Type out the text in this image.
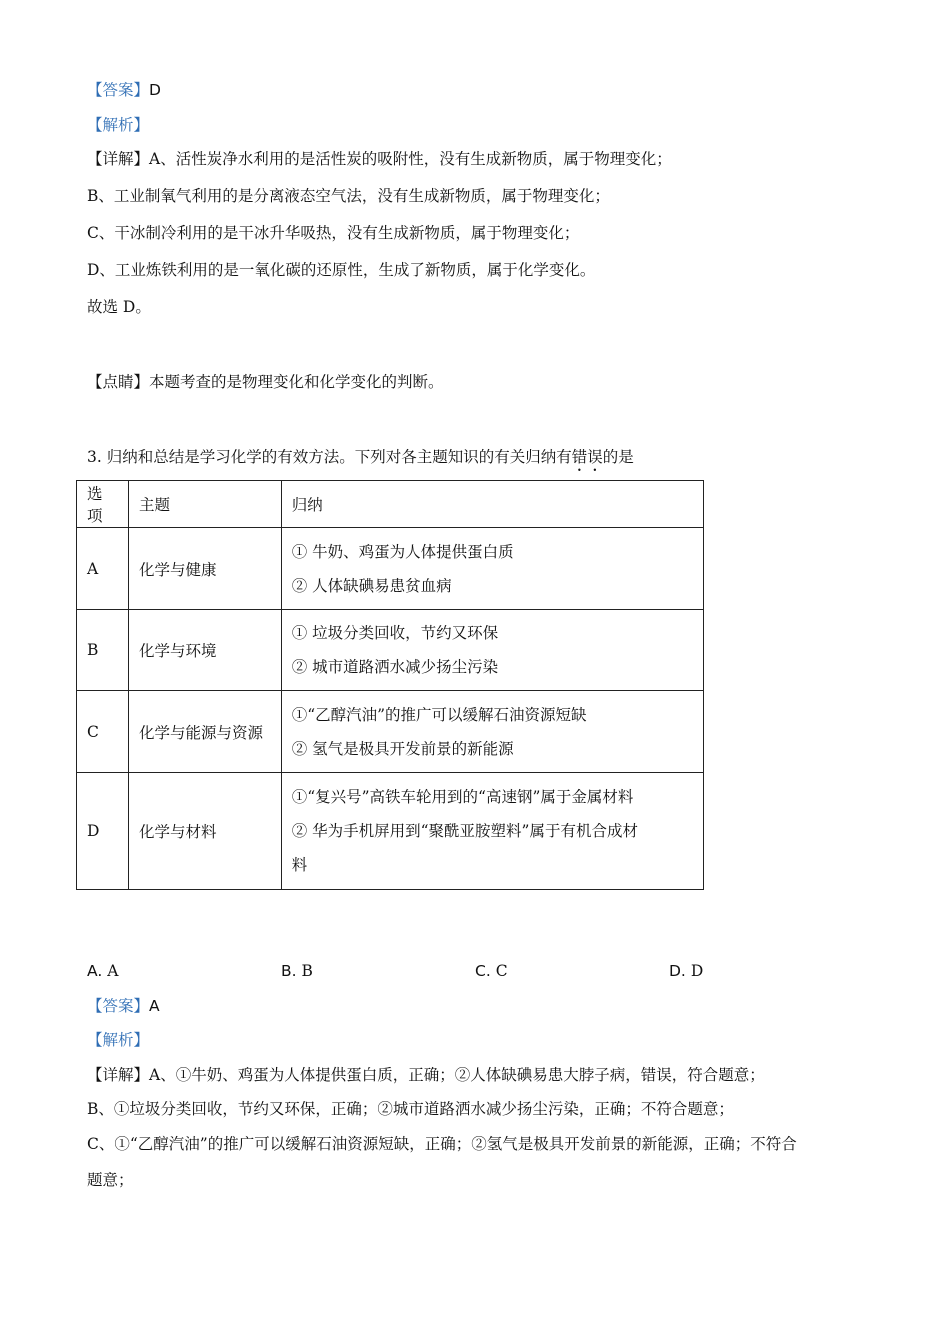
【答案】D
【解析】
【详解】A、活性炭净水利用的是活性炭的吸附性，没有生成新物质，属于物理变化；
B、工业制氧气利用的是分离液态空气法，没有生成新物质，属于物理变化；
C、干冰制冷利用的是干冰升华吸热，没有生成新物质，属于物理变化；
D、工业炼铁利用的是一氧化碳的还原性，生成了新物质，属于化学变化。
故选 D。
【点睛】本题考查的是物理变化和化学变化的判断。
3. 归纳和总结是学习化学的有效方法。下列对各主题知识的有关归纳有错误的是
选项	主题	归纳
A	化学与健康	① 牛奶、鸡蛋为人体提供蛋白质
② 人体缺碘易患贫血病

B	化学与环境	① 垃圾分类回收，节约又环保
② 城市道路洒水减少扬尘污染

C	化学与能源与资源	①“乙醇汽油”的推广可以缓解石油资源短缺
② 氢气是极具开发前景的新能源

D	化学与材料	①“复兴号”高铁车轮用到的“高速钢”属于金属材料
② 华为手机屏用到“聚酰亚胺塑料”属于有机合成材
料
A. A	B. B	C. C	D. D
【答案】A
【解析】
【详解】A、①牛奶、鸡蛋为人体提供蛋白质，正确；②人体缺碘易患大脖子病，错误，符合题意；
B、①垃圾分类回收，节约又环保，正确；②城市道路洒水减少扬尘污染，正确；不符合题意；
C、①“乙醇汽油”的推广可以缓解石油资源短缺，正确；②氢气是极具开发前景的新能源，正确；不符合
题意；
